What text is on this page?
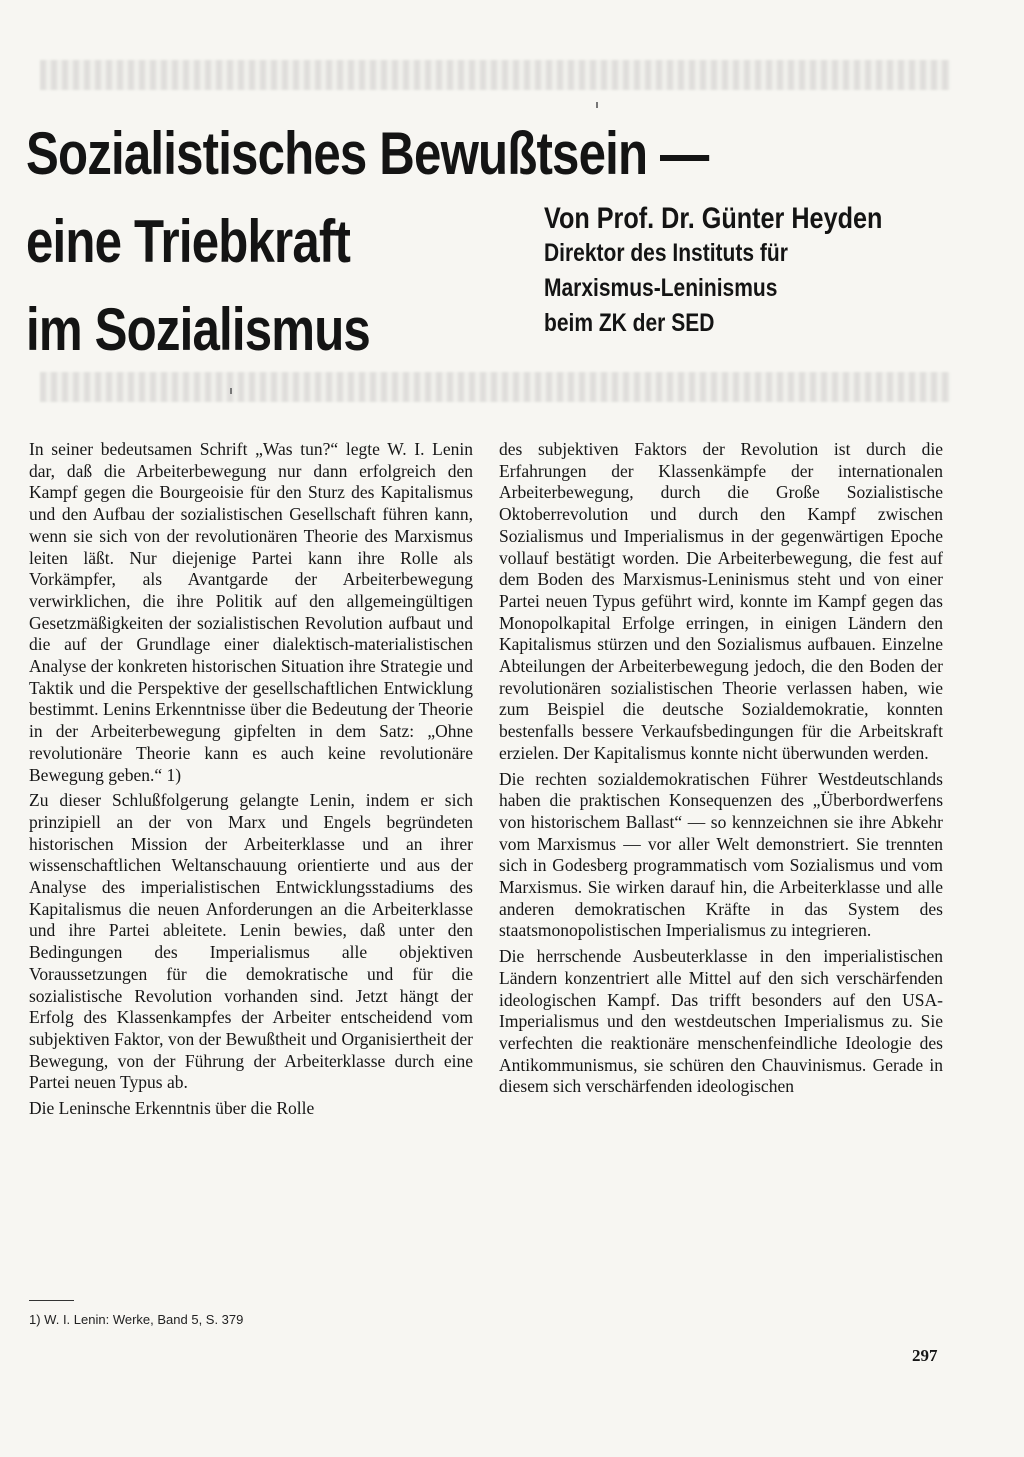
Sozialistisches Bewußtsein —
eine Triebkraft
im Sozialismus
Von Prof. Dr. Günter Heyden
Direktor des Instituts für
Marxismus-Leninismus
beim ZK der SED

In seiner bedeutsamen Schrift „Was tun?“ legte W. I. Lenin dar, daß die Arbeiterbewegung nur dann erfolgreich den Kampf gegen die Bourgeoisie für den Sturz des Kapitalismus und den Aufbau der sozialistischen Gesellschaft führen kann, wenn sie sich von der revolutionären Theorie des Marxismus leiten läßt. Nur diejenige Partei kann ihre Rolle als Vorkämpfer, als Avantgarde der Arbeiterbewegung verwirklichen, die ihre Politik auf den allgemeingültigen Gesetzmäßigkeiten der sozialistischen Revolution aufbaut und die auf der Grundlage einer dialektisch-materialistischen Analyse der konkreten historischen Situation ihre Strategie und Taktik und die Perspektive der gesellschaftlichen Entwicklung bestimmt. Lenins Erkenntnisse über die Bedeutung der Theorie in der Arbeiterbewegung gipfelten in dem Satz: „Ohne revolutionäre Theorie kann es auch keine revolutionäre Bewegung geben.“ 1)

Zu dieser Schlußfolgerung gelangte Lenin, indem er sich prinzipiell an der von Marx und Engels begründeten historischen Mission der Arbeiterklasse und an ihrer wissenschaftlichen Weltanschauung orientierte und aus der Analyse des imperialistischen Entwicklungsstadiums des Kapitalismus die neuen Anforderungen an die Arbeiterklasse und ihre Partei ableitete. Lenin bewies, daß unter den Bedingungen des Imperialismus alle objektiven Voraussetzungen für die demokratische und für die sozialistische Revolution vorhanden sind. Jetzt hängt der Erfolg des Klassenkampfes der Arbeiter entscheidend vom subjektiven Faktor, von der Bewußtheit und Organisiertheit der Bewegung, von der Führung der Arbeiterklasse durch eine Partei neuen Typus ab.

Die Leninsche Erkenntnis über die Rolle

1) W. I. Lenin: Werke, Band 5, S. 379

des subjektiven Faktors der Revolution ist durch die Erfahrungen der Klassenkämpfe der internationalen Arbeiterbewegung, durch die Große Sozialistische Oktoberrevolution und durch den Kampf zwischen Sozialismus und Imperialismus in der gegenwärtigen Epoche vollauf bestätigt worden. Die Arbeiterbewegung, die fest auf dem Boden des Marxismus-Leninismus steht und von einer Partei neuen Typus geführt wird, konnte im Kampf gegen das Monopolkapital Erfolge erringen, in einigen Ländern den Kapitalismus stürzen und den Sozialismus aufbauen. Einzelne Abteilungen der Arbeiterbewegung jedoch, die den Boden der revolutionären sozialistischen Theorie verlassen haben, wie zum Beispiel die deutsche Sozialdemokratie, konnten bestenfalls bessere Verkaufsbedingungen für die Arbeitskraft erzielen. Der Kapitalismus konnte nicht überwunden werden.

Die rechten sozialdemokratischen Führer Westdeutschlands haben die praktischen Konsequenzen des „Überbordwerfens von historischem Ballast“ — so kennzeichnen sie ihre Abkehr vom Marxismus — vor aller Welt demonstriert. Sie trennten sich in Godesberg programmatisch vom Sozialismus und vom Marxismus. Sie wirken darauf hin, die Arbeiterklasse und alle anderen demokratischen Kräfte in das System des staatsmonopolistischen Imperialismus zu integrieren.

Die herrschende Ausbeuterklasse in den imperialistischen Ländern konzentriert alle Mittel auf den sich verschärfenden ideologischen Kampf. Das trifft besonders auf den USA-Imperialismus und den westdeutschen Imperialismus zu. Sie verfechten die reaktionäre menschenfeindliche Ideologie des Antikommunismus, sie schüren den Chauvinismus. Gerade in diesem sich verschärfenden ideologischen

297
